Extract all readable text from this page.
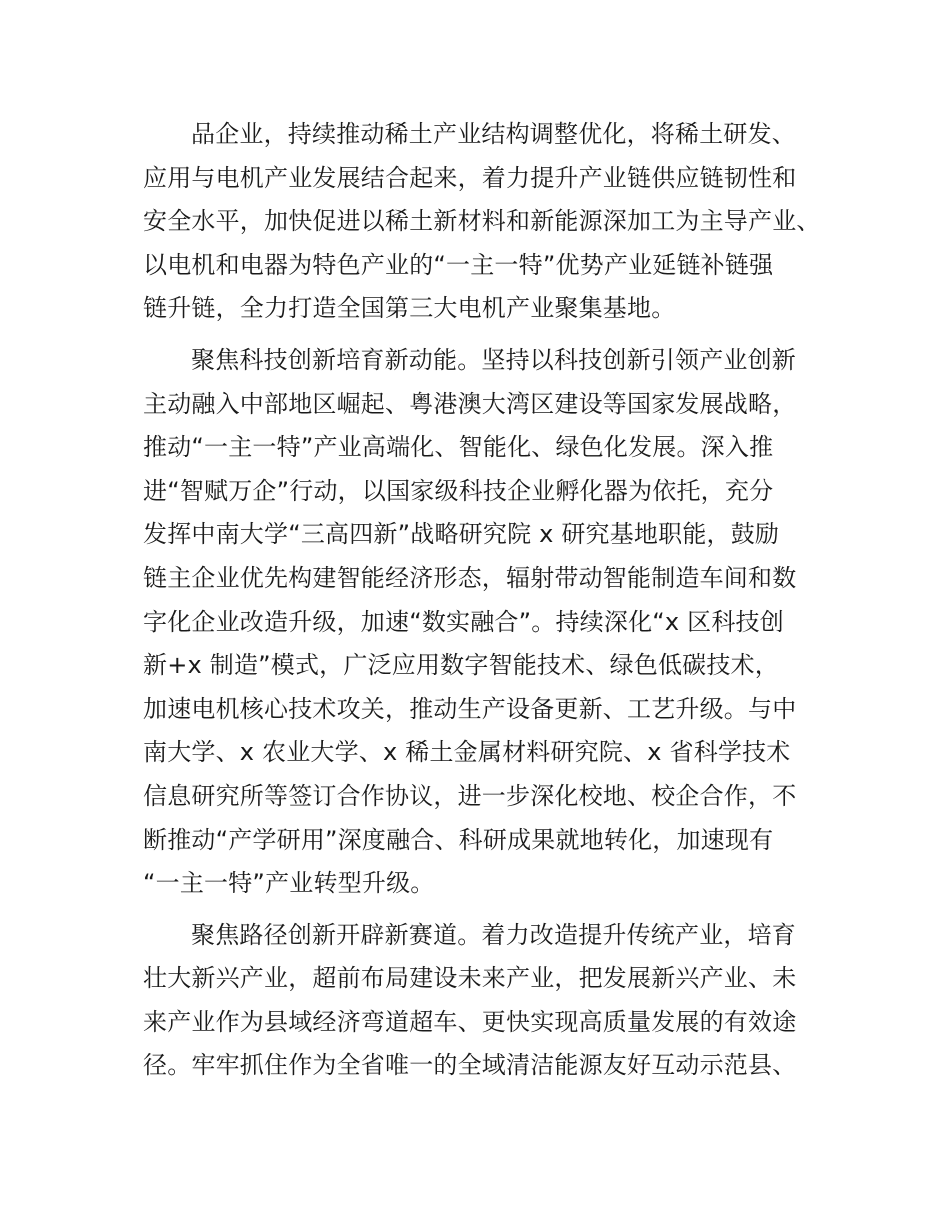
品企业，持续推动稀土产业结构调整优化，将稀土研发、
应用与电机产业发展结合起来，着力提升产业链供应链韧性和
安全水平，加快促进以稀土新材料和新能源深加工为主导产业、
以电机和电器为特色产业的“一主一特”优势产业延链补链强
链升链，全力打造全国第三大电机产业聚集基地。
聚焦科技创新培育新动能。坚持以科技创新引领产业创新
主动融入中部地区崛起、粤港澳大湾区建设等国家发展战略，
推动“一主一特”产业高端化、智能化、绿色化发展。深入推
进“智赋万企”行动，以国家级科技企业孵化器为依托，充分
发挥中南大学“三高四新”战略研究院 x 研究基地职能，鼓励
链主企业优先构建智能经济形态，辐射带动智能制造车间和数
字化企业改造升级，加速“数实融合”。持续深化“x 区科技创
新+x 制造”模式，广泛应用数字智能技术、绿色低碳技术，
加速电机核心技术攻关，推动生产设备更新、工艺升级。与中
南大学、x 农业大学、x 稀土金属材料研究院、x 省科学技术
信息研究所等签订合作协议，进一步深化校地、校企合作，不
断推动“产学研用”深度融合、科研成果就地转化，加速现有
“一主一特”产业转型升级。
聚焦路径创新开辟新赛道。着力改造提升传统产业，培育
壮大新兴产业，超前布局建设未来产业，把发展新兴产业、未
来产业作为县域经济弯道超车、更快实现高质量发展的有效途
径。牢牢抓住作为全省唯一的全域清洁能源友好互动示范县、
